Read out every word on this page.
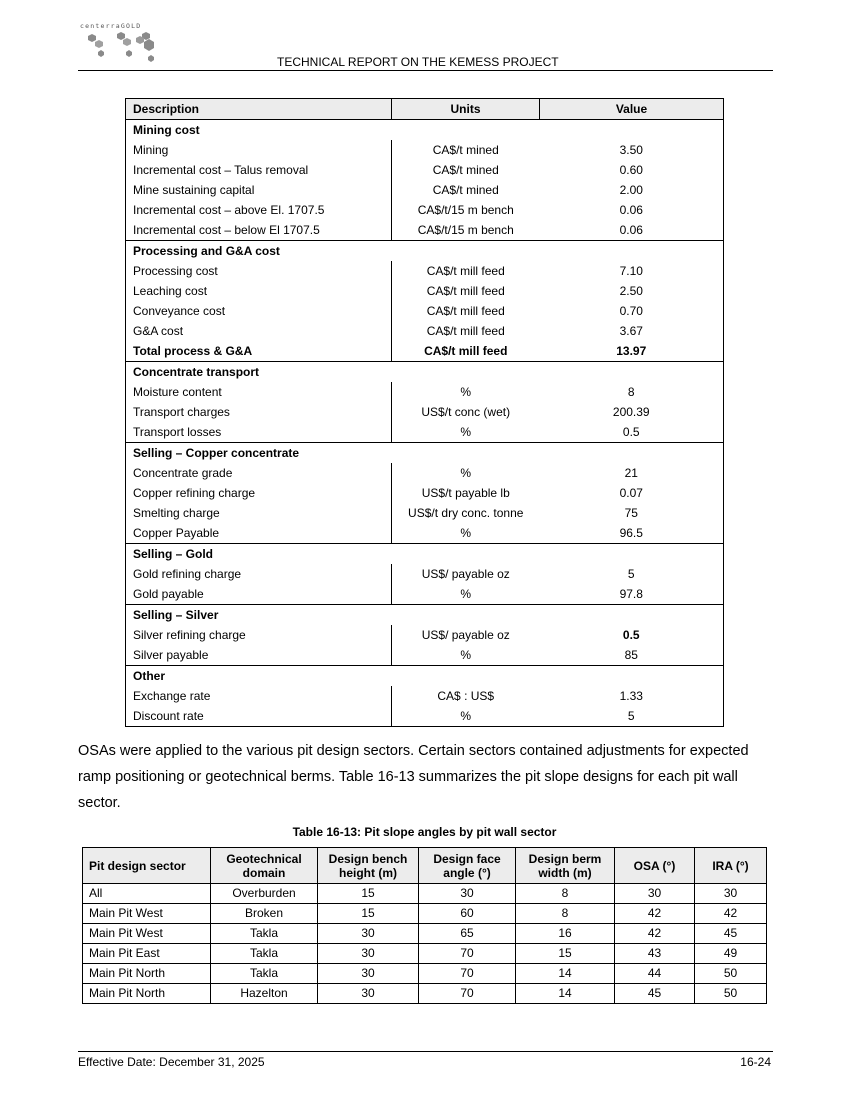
centerraGOLD
TECHNICAL REPORT ON THE KEMESS PROJECT
Description	Units	Value
Mining cost		
Mining	CA$/t mined	3.50
Incremental cost – Talus removal	CA$/t mined	0.60
Mine sustaining capital	CA$/t mined	2.00
Incremental cost – above El. 1707.5	CA$/t/15 m bench	0.06
Incremental cost – below El 1707.5	CA$/t/15 m bench	0.06
Processing and G&A cost		
Processing cost	CA$/t mill feed	7.10
Leaching cost	CA$/t mill feed	2.50
Conveyance cost	CA$/t mill feed	0.70
G&A cost	CA$/t mill feed	3.67
Total process & G&A	CA$/t mill feed	13.97
Concentrate transport		
Moisture content	%	8
Transport charges	US$/t conc (wet)	200.39
Transport losses	%	0.5
Selling – Copper concentrate		
Concentrate grade	%	21
Copper refining charge	US$/t payable lb	0.07
Smelting charge	US$/t dry conc. tonne	75
Copper Payable	%	96.5
Selling – Gold		
Gold refining charge	US$/ payable oz	5
Gold payable	%	97.8
Selling – Silver		
Silver refining charge	US$/ payable oz	0.5
Silver payable	%	85
Other		
Exchange rate	CA$ : US$	1.33
Discount rate	%	5
OSAs were applied to the various pit design sectors. Certain sectors contained adjustments for expected ramp positioning or geotechnical berms. Table 16-13 summarizes the pit slope designs for each pit wall sector.
Table 16-13: Pit slope angles by pit wall sector
Pit design sector	Geotechnical domain	Design bench height (m)	Design face angle (°)	Design berm width (m)	OSA (°)	IRA (°)
All	Overburden	15	30	8	30	30
Main Pit West	Broken	15	60	8	42	42
Main Pit West	Takla	30	65	16	42	45
Main Pit East	Takla	30	70	15	43	49
Main Pit North	Takla	30	70	14	44	50
Main Pit North	Hazelton	30	70	14	45	50
Effective Date: December 31, 2025	16-24
